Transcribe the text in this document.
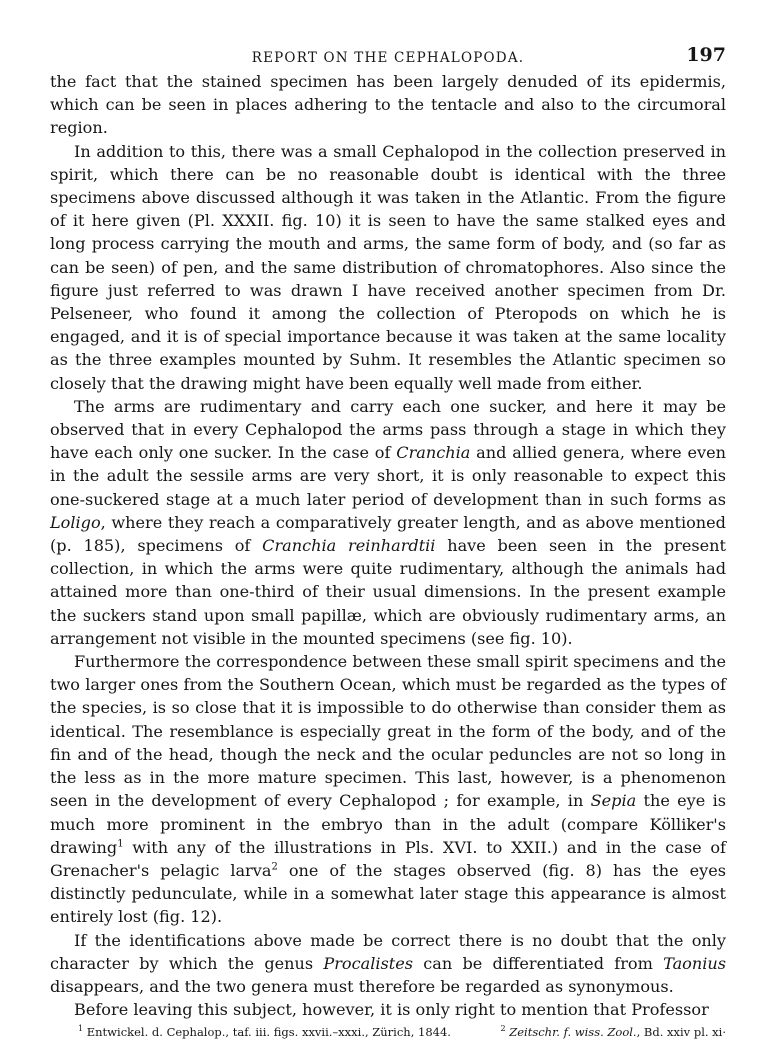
REPORT ON THE CEPHALOPODA.	197

the fact that the stained specimen has been largely denuded of its epidermis, which can be seen in places adhering to the tentacle and also to the circumoral region.

In addition to this, there was a small Cephalopod in the collection preserved in spirit, which there can be no reasonable doubt is identical with the three specimens above discussed although it was taken in the Atlantic. From the figure of it here given (Pl. XXXII. fig. 10) it is seen to have the same stalked eyes and long process carrying the mouth and arms, the same form of body, and (so far as can be seen) of pen, and the same distribution of chromatophores. Also since the figure just referred to was drawn I have received another specimen from Dr. Pelseneer, who found it among the collection of Pteropods on which he is engaged, and it is of special importance because it was taken at the same locality as the three examples mounted by Suhm. It resembles the Atlantic specimen so closely that the drawing might have been equally well made from either.

The arms are rudimentary and carry each one sucker, and here it may be observed that in every Cephalopod the arms pass through a stage in which they have each only one sucker. In the case of Cranchia and allied genera, where even in the adult the sessile arms are very short, it is only reasonable to expect this one-suckered stage at a much later period of development than in such forms as Loligo, where they reach a comparatively greater length, and as above mentioned (p. 185), specimens of Cranchia reinhardtii have been seen in the present collection, in which the arms were quite rudimentary, although the animals had attained more than one-third of their usual dimensions. In the present example the suckers stand upon small papillæ, which are obviously rudimentary arms, an arrangement not visible in the mounted specimens (see fig. 10).

Furthermore the correspondence between these small spirit specimens and the two larger ones from the Southern Ocean, which must be regarded as the types of the species, is so close that it is impossible to do otherwise than consider them as identical. The resemblance is especially great in the form of the body, and of the fin and of the head, though the neck and the ocular peduncles are not so long in the less as in the more mature specimen. This last, however, is a phenomenon seen in the development of every Cephalopod ; for example, in Sepia the eye is much more prominent in the embryo than in the adult (compare Kölliker's drawing$^1$ with any of the illustrations in Pls. XVI. to XXII.) and in the case of Grenacher's pelagic larva$^2$ one of the stages observed (fig. 8) has the eyes distinctly pedunculate, while in a somewhat later stage this appearance is almost entirely lost (fig. 12).

If the identifications above made be correct there is no doubt that the only character by which the genus Procalistes can be differentiated from Taonius disappears, and the two genera must therefore be regarded as synonymous.

Before leaving this subject, however, it is only right to mention that Professor

$^1$ Entwickel. d. Cephalop., taf. iii. figs. xxvii.–xxxi., Zürich, 1844.	$^2$ Zeitschr. f. wiss. Zool., Bd. xxiv pl. xi·
